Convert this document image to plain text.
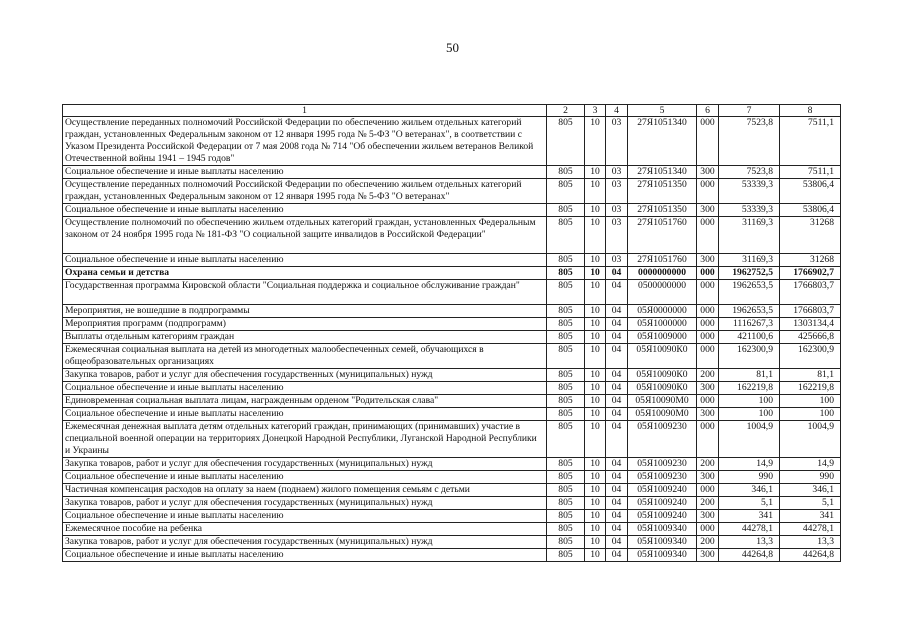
50
1	2	3	4	5	6	7	8
Осуществление переданных полномочий Российской Федерации по обеспечению жильем отдельных категорий граждан, установленных Федеральным законом от 12 января 1995 года № 5-ФЗ "О ветеранах", в соответствии с Указом Президента Российской Федерации от 7 мая 2008 года № 714 "Об обеспечении жильем ветеранов Великой Отечественной войны 1941 – 1945 годов"	805	10	03	27Я1051340	000	7523,8	7511,1
Социальное обеспечение и иные выплаты населению	805	10	03	27Я1051340	300	7523,8	7511,1
Осуществление переданных полномочий Российской Федерации по обеспечению жильем отдельных категорий граждан, установленных Федеральным законом от 12 января 1995 года № 5-ФЗ "О ветеранах"	805	10	03	27Я1051350	000	53339,3	53806,4
Социальное обеспечение и иные выплаты населению	805	10	03	27Я1051350	300	53339,3	53806,4
Осуществление полномочий по обеспечению жильем отдельных категорий граждан, установленных Федеральным законом от 24 ноября 1995 года № 181-ФЗ "О социальной защите инвалидов в Российской Федерации"	805	10	03	27Я1051760	000	31169,3	31268
Социальное обеспечение и иные выплаты населению	805	10	03	27Я1051760	300	31169,3	31268
Охрана семьи и детства	805	10	04	0000000000	000	1962752,5	1766902,7
Государственная программа Кировской области "Социальная поддержка и социальное обслуживание граждан"	805	10	04	0500000000	000	1962653,5	1766803,7
Мероприятия, не вошедшие в подпрограммы	805	10	04	05Я0000000	000	1962653,5	1766803,7
Мероприятия программ (подпрограмм)	805	10	04	05Я1000000	000	1116267,3	1303134,4
Выплаты отдельным категориям граждан	805	10	04	05Я1009000	000	421100,6	425666,8
Ежемесячная социальная выплата на детей из многодетных малообеспеченных семей, обучающихся в общеобразовательных организациях	805	10	04	05Я10090К0	000	162300,9	162300,9
Закупка товаров, работ и услуг для обеспечения государственных (муниципальных) нужд	805	10	04	05Я10090К0	200	81,1	81,1
Социальное обеспечение и иные выплаты населению	805	10	04	05Я10090К0	300	162219,8	162219,8
Единовременная социальная выплата лицам, награжденным орденом "Родительская слава"	805	10	04	05Я10090М0	000	100	100
Социальное обеспечение и иные выплаты населению	805	10	04	05Я10090М0	300	100	100
Ежемесячная денежная выплата детям отдельных категорий граждан, принимающих (принимавших) участие в специальной военной операции на территориях Донецкой Народной Республики, Луганской Народной Республики и Украины	805	10	04	05Я1009230	000	1004,9	1004,9
Закупка товаров, работ и услуг для обеспечения государственных (муниципальных) нужд	805	10	04	05Я1009230	200	14,9	14,9
Социальное обеспечение и иные выплаты населению	805	10	04	05Я1009230	300	990	990
Частичная компенсация расходов на оплату за наем (поднаем) жилого помещения семьям с детьми	805	10	04	05Я1009240	000	346,1	346,1
Закупка товаров, работ и услуг для обеспечения государственных (муниципальных) нужд	805	10	04	05Я1009240	200	5,1	5,1
Социальное обеспечение и иные выплаты населению	805	10	04	05Я1009240	300	341	341
Ежемесячное пособие на ребенка	805	10	04	05Я1009340	000	44278,1	44278,1
Закупка товаров, работ и услуг для обеспечения государственных (муниципальных) нужд	805	10	04	05Я1009340	200	13,3	13,3
Социальное обеспечение и иные выплаты населению	805	10	04	05Я1009340	300	44264,8	44264,8
